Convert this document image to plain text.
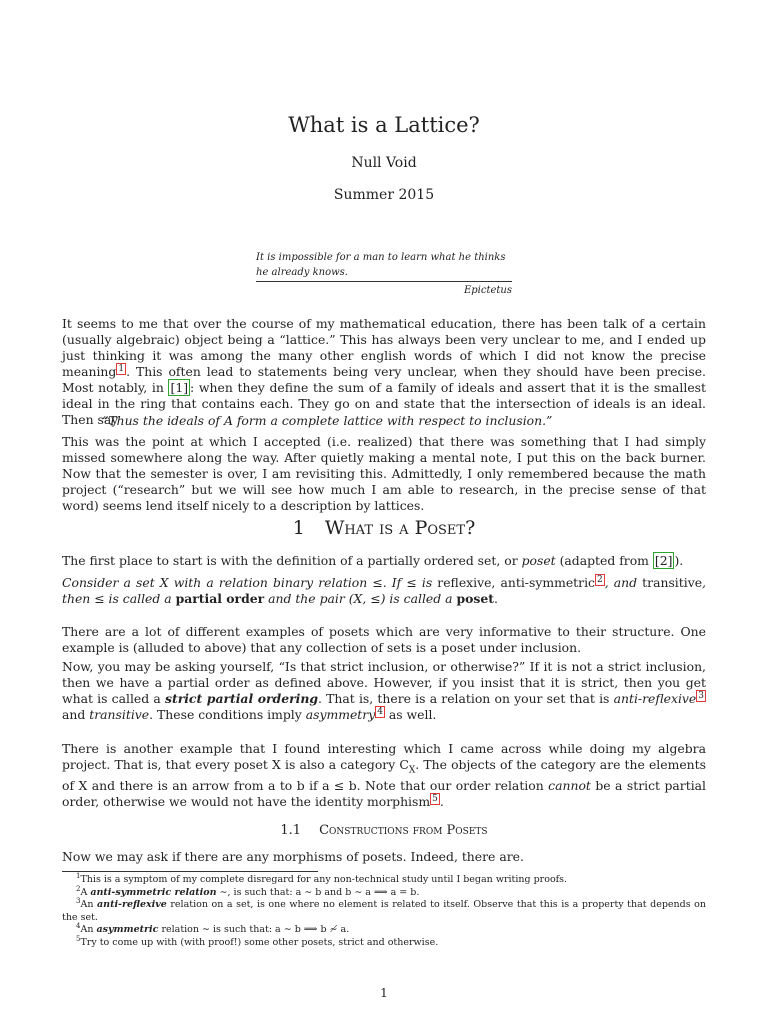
What is a Lattice?
Null Void
Summer 2015
It is impossible for a man to learn what he thinks he already knows.
Epictetus

It seems to me that over the course of my mathematical education, there has been talk of a certain (usually algebraic) object being a “lattice.” This has always been very unclear to me, and I ended up just thinking it was among the many other english words of which I did not know the precise meaning $^1$ . This often lead to statements being very unclear, when they should have been precise. Most notably, in [1] : when they define the sum of a family of ideals and assert that it is the smallest ideal in the ring that contains each. They go on and state that the intersection of ideals is an ideal. Then say

“Thus the ideals of A form a complete lattice with respect to inclusion.”

This was the point at which I accepted (i.e. realized) that there was something that I had simply missed somewhere along the way. After quietly making a mental note, I put this on the back burner. Now that the semester is over, I am revisiting this. Admittedly, I only remembered because the math project (“research” but we will see how much I am able to research, in the precise sense of that word) seems lend itself nicely to a description by lattices.

1 What is a Poset?

The first place to start is with the definition of a partially ordered set, or poset (adapted from [2] ).

Consider a set X with a relation binary relation ≤. If ≤ is reflexive, anti-symmetric $^2$ , and transitive, then ≤ is called a partial order and the pair (X, ≤) is called a poset.

There are a lot of different examples of posets which are very informative to their structure. One example is (alluded to above) that any collection of sets is a poset under inclusion.

Now, you may be asking yourself, “Is that strict inclusion, or otherwise?” If it is not a strict inclusion, then we have a partial order as defined above. However, if you insist that it is strict, then you get what is called a strict partial ordering. That is, there is a relation on your set that is anti-reflexive $^3$ and transitive. These conditions imply asymmetry $^4$ as well.

There is another example that I found interesting which I came across while doing my algebra project. That is, that every poset X is also a category $C_X$. The objects of the category are the elements of X and there is an arrow from a to b if a ≤ b. Note that our order relation cannot be a strict partial order, otherwise we would not have the identity morphism $^5$ .

1.1 Constructions from Posets

Now we may ask if there are any morphisms of posets. Indeed, there are.

$^1$This is a symptom of my complete disregard for any non-technical study until I began writing proofs.
$^2$A anti-symmetric relation ∼, is such that: a ∼ b and b ∼ a ⟹ a = b.
$^3$An anti-reflexive relation on a set, is one where no element is related to itself. Observe that this is a property that depends on the set.
$^4$An asymmetric relation ∼ is such that: a ∼ b ⟹ b ≁ a.
$^5$Try to come up with (with proof!) some other posets, strict and otherwise.
1
